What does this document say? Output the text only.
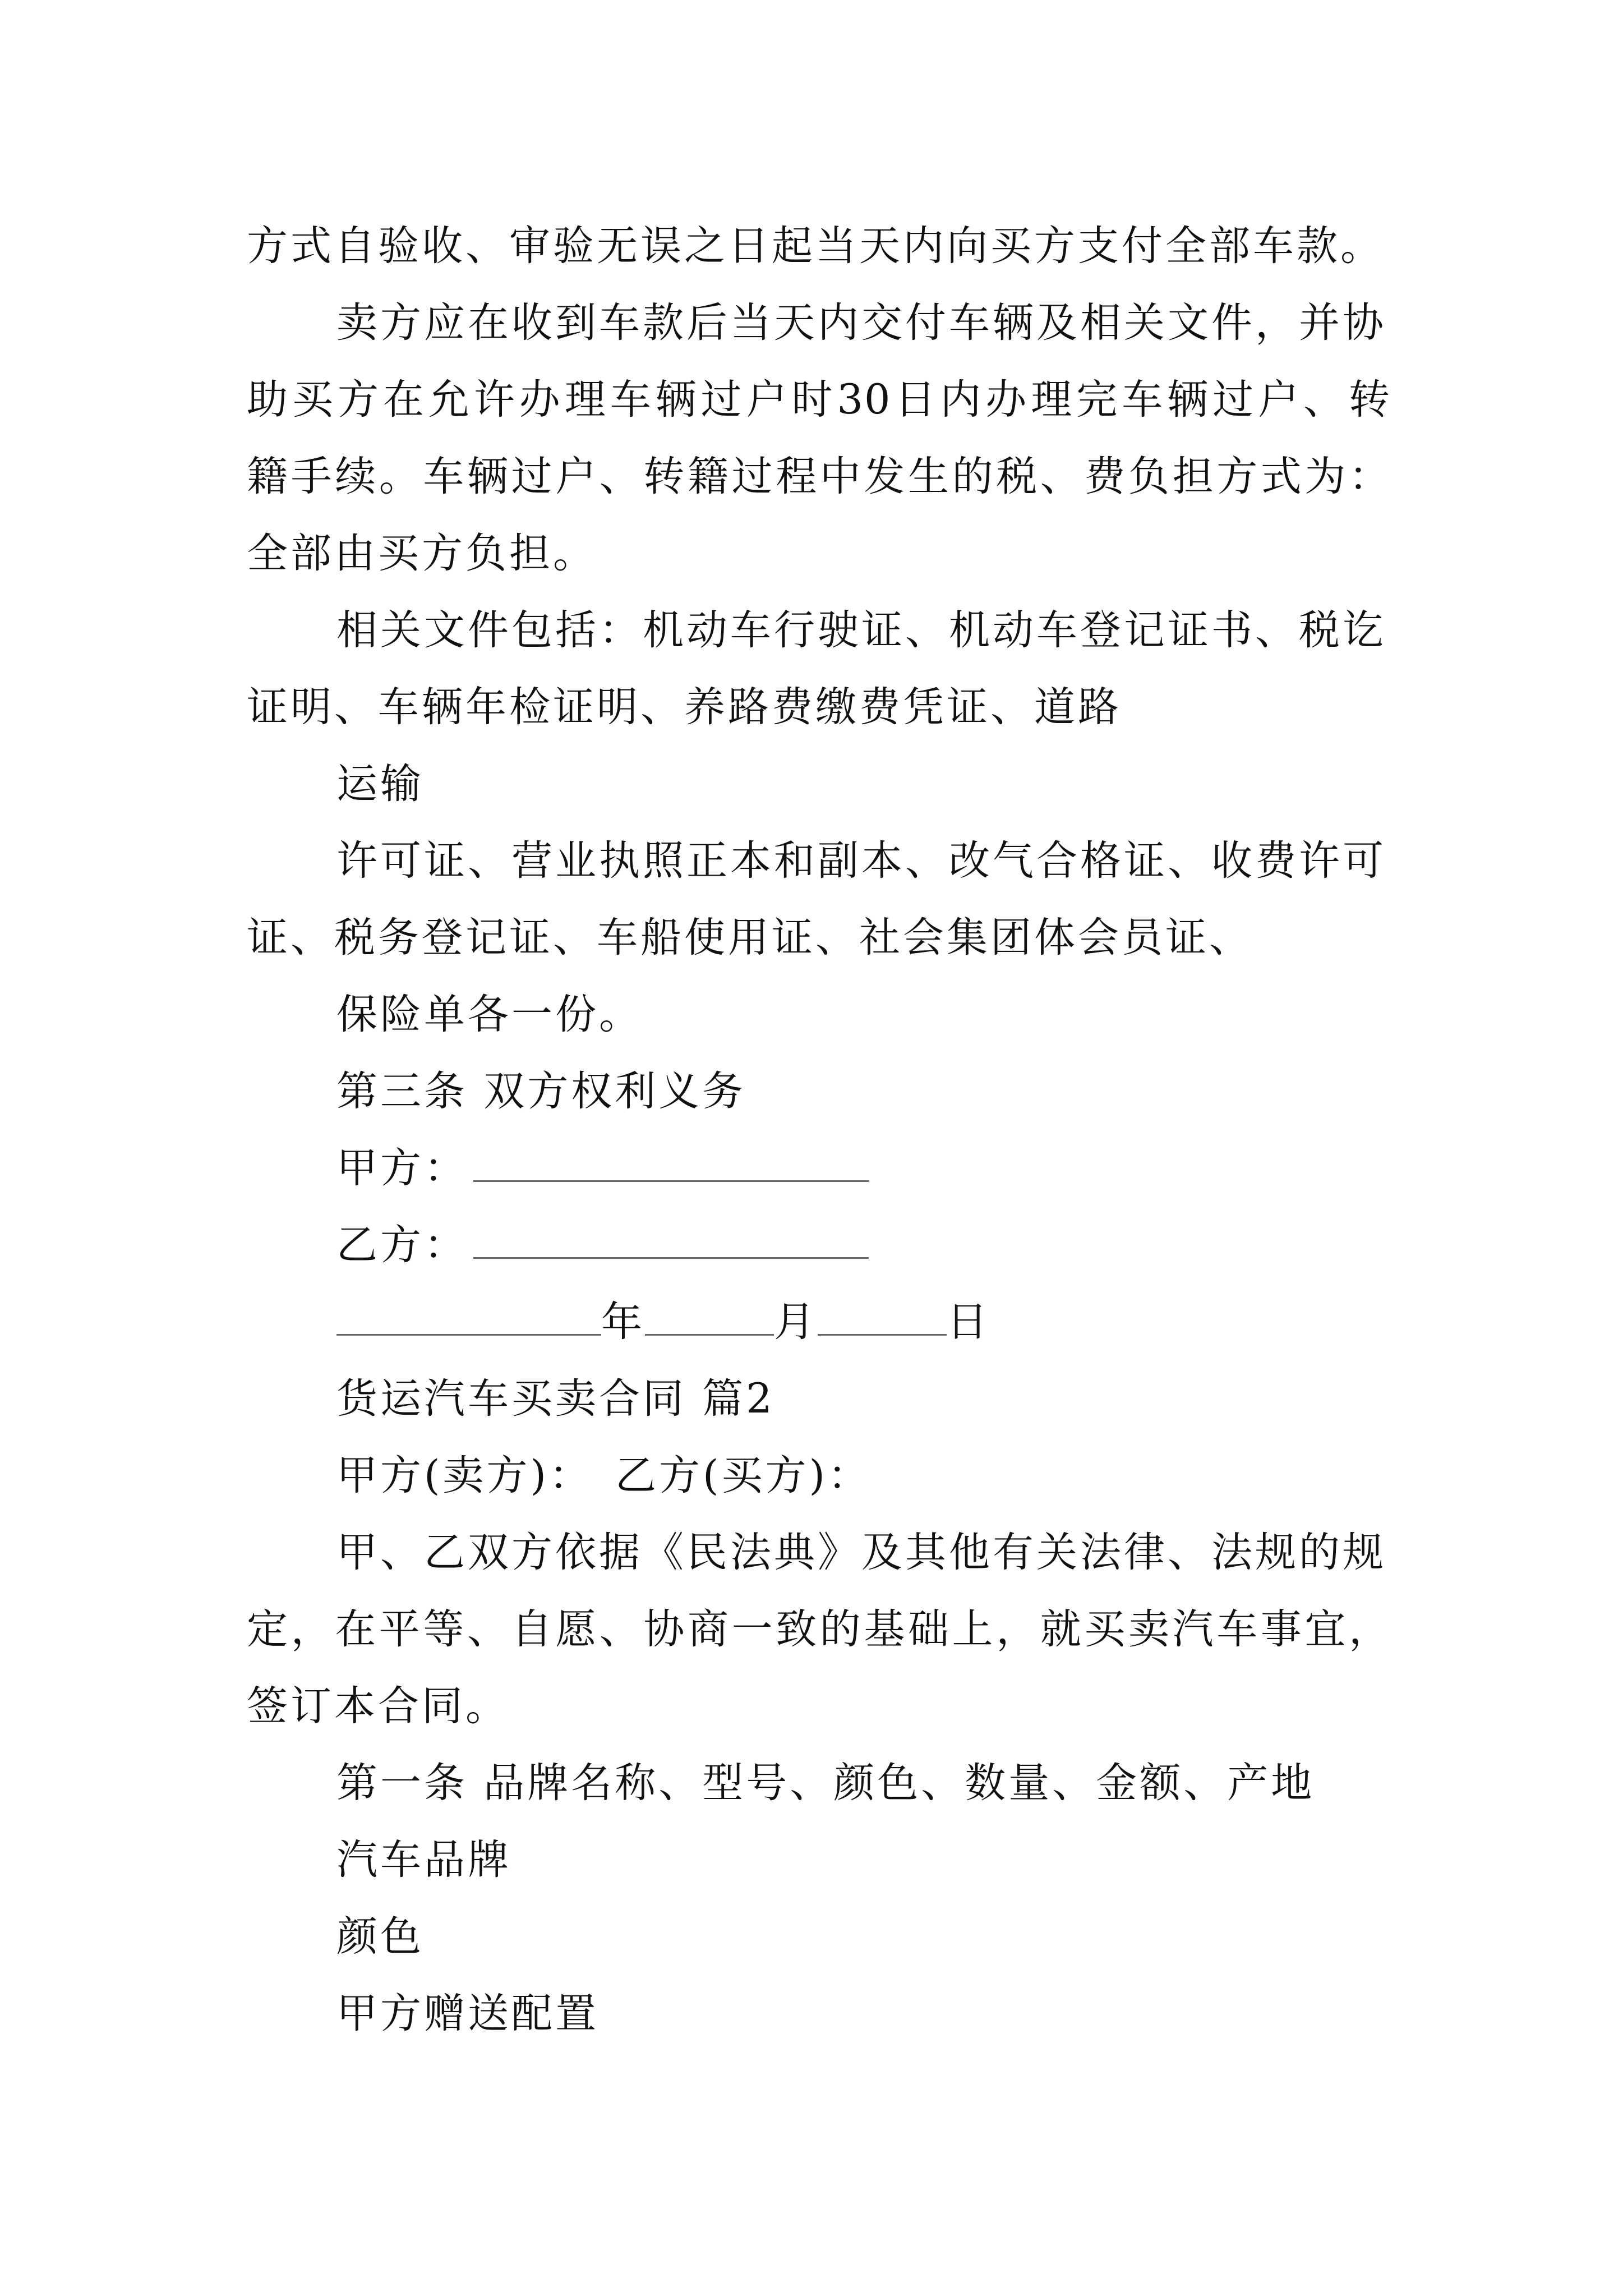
方式自验收、审验无误之日起当天内向买方支付全部车款。
卖方应在收到车款后当天内交付车辆及相关文件，并协
助买方在允许办理车辆过户时30日内办理完车辆过户、转
籍手续。车辆过户、转籍过程中发生的税、费负担方式为：
全部由买方负担。
相关文件包括：机动车行驶证、机动车登记证书、税讫
证明、车辆年检证明、养路费缴费凭证、道路
运输
许可证、营业执照正本和副本、改气合格证、收费许可
证、税务登记证、车船使用证、社会集团体会员证、
保险单各一份。
第三条 双方权利义务
甲方：
乙方：
年	月	日
货运汽车买卖合同 篇2
甲方(卖方)： 乙方(买方)：
甲、乙双方依据《民法典》及其他有关法律、法规的规
定，在平等、自愿、协商一致的基础上，就买卖汽车事宜，
签订本合同。
第一条 品牌名称、型号、颜色、数量、金额、产地
汽车品牌
颜色
甲方赠送配置
